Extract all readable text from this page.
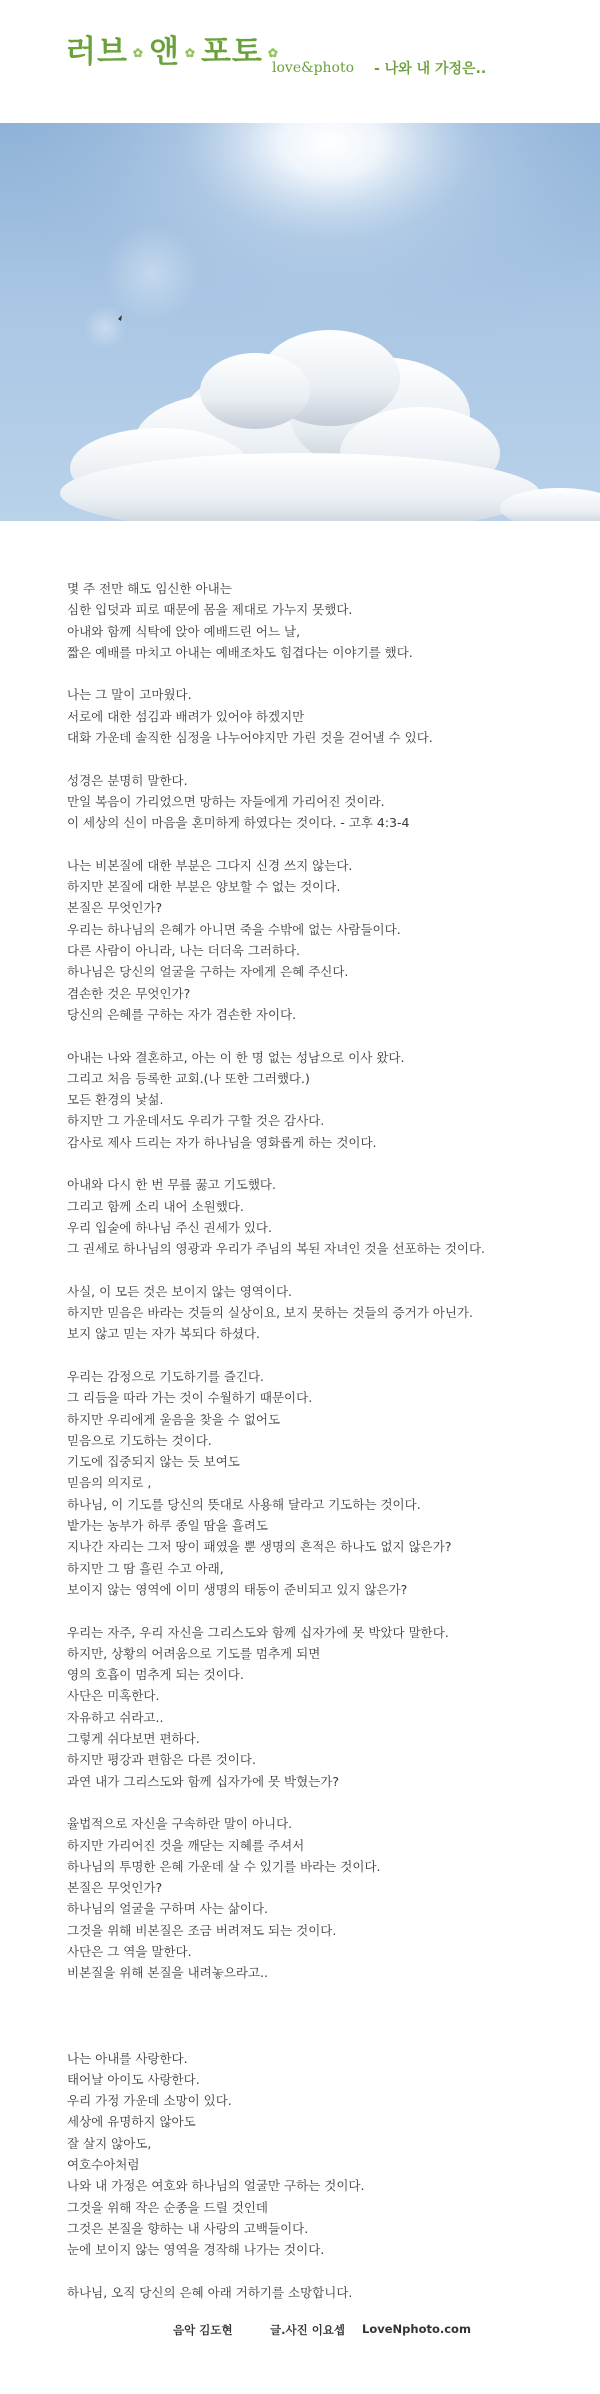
러브 ✿ 앤 ✿ 포토 ✿
love&photo - 나와 내 가정은..
몇 주 전만 해도 임신한 아내는
심한 입덧과 피로 때문에 몸을 제대로 가누지 못했다.
아내와 함께 식탁에 앉아 예배드린 어느 날,
짧은 예배를 마치고 아내는 예배조차도 힘겹다는 이야기를 했다.
나는 그 말이 고마웠다.
서로에 대한 섬김과 배려가 있어야 하겠지만
대화 가운데 솔직한 심정을 나누어야지만 가린 것을 걷어낼 수 있다.
성경은 분명히 말한다.
만일 복음이 가리었으면 망하는 자들에게 가리어진 것이라.
이 세상의 신이 마음을 혼미하게 하였다는 것이다. - 고후 4:3-4
나는 비본질에 대한 부분은 그다지 신경 쓰지 않는다.
하지만 본질에 대한 부분은 양보할 수 없는 것이다.
본질은 무엇인가?
우리는 하나님의 은혜가 아니면 죽을 수밖에 없는 사람들이다.
다른 사람이 아니라, 나는 더더욱 그러하다.
하나님은 당신의 얼굴을 구하는 자에게 은혜 주신다.
겸손한 것은 무엇인가?
당신의 은혜를 구하는 자가 겸손한 자이다.
아내는 나와 결혼하고, 아는 이 한 명 없는 성남으로 이사 왔다.
그리고 처음 등록한 교회.(나 또한 그러했다.)
모든 환경의 낯섦.
하지만 그 가운데서도 우리가 구할 것은 감사다.
감사로 제사 드리는 자가 하나님을 영화롭게 하는 것이다.
아내와 다시 한 번 무릎 꿇고 기도했다.
그리고 함께 소리 내어 소원했다.
우리 입술에 하나님 주신 권세가 있다.
그 권세로 하나님의 영광과 우리가 주님의 복된 자녀인 것을 선포하는 것이다.
사실, 이 모든 것은 보이지 않는 영역이다.
하지만 믿음은 바라는 것들의 실상이요, 보지 못하는 것들의 증거가 아닌가.
보지 않고 믿는 자가 복되다 하셨다.
우리는 감정으로 기도하기를 즐긴다.
그 리듬을 따라 가는 것이 수월하기 때문이다.
하지만 우리에게 울음을 찾을 수 없어도
믿음으로 기도하는 것이다.
기도에 집중되지 않는 듯 보여도
믿음의 의지로 ,
하나님, 이 기도를 당신의 뜻대로 사용해 달라고 기도하는 것이다.
밭가는 농부가 하루 종일 땀을 흘려도
지나간 자리는 그저 땅이 패였을 뿐 생명의 흔적은 하나도 없지 않은가?
하지만 그 땀 흘린 수고 아래,
보이지 않는 영역에 이미 생명의 태동이 준비되고 있지 않은가?
우리는 자주, 우리 자신을 그리스도와 함께 십자가에 못 박았다 말한다.
하지만, 상황의 어려움으로 기도를 멈추게 되면
영의 호흡이 멈추게 되는 것이다.
사단은 미혹한다.
자유하고 쉬라고..
그렇게 쉬다보면 편하다.
하지만 평강과 편함은 다른 것이다.
과연 내가 그리스도와 함께 십자가에 못 박혔는가?
율법적으로 자신을 구속하란 말이 아니다.
하지만 가리어진 것을 깨닫는 지혜를 주셔서
하나님의 투명한 은혜 가운데 살 수 있기를 바라는 것이다.
본질은 무엇인가?
하나님의 얼굴을 구하며 사는 삶이다.
그것을 위해 비본질은 조금 버려져도 되는 것이다.
사단은 그 역을 말한다.
비본질을 위해 본질을 내려놓으라고..
나는 아내를 사랑한다.
태어날 아이도 사랑한다.
우리 가정 가운데 소망이 있다.
세상에 유명하지 않아도
잘 살지 않아도,
여호수아처럼
나와 내 가정은 여호와 하나님의 얼굴만 구하는 것이다.
그것을 위해 작은 순종을 드릴 것인데
그것은 본질을 향하는 내 사랑의 고백들이다.
눈에 보이지 않는 영역을 경작해 나가는 것이다.
하나님, 오직 당신의 은혜 아래 거하기를 소망합니다.
음악 김도현	글.사진 이요셉 LoveNphoto.com
